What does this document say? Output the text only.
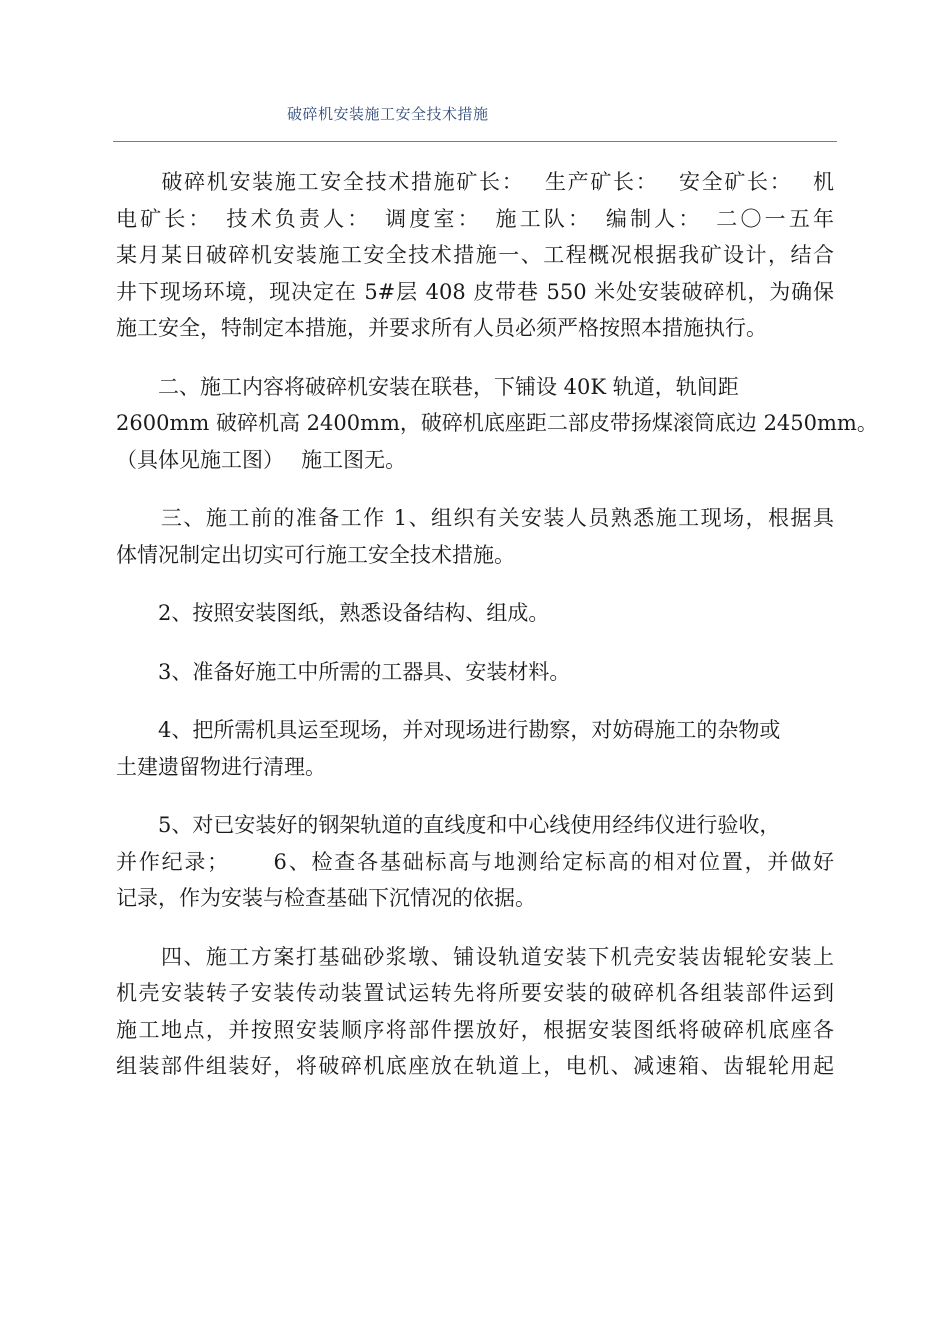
破碎机安装施工安全技术措施
　　破碎机安装施工安全技术措施矿长：　 生产矿长：　 安全矿长：　 机
电矿长：　技术负责人：　调度室：　施工队：　编制人：　二〇一五年
某月某日破碎机安装施工安全技术措施一、工程概况根据我矿设计，结合
井下现场环境，现决定在 5#层 408 皮带巷 550 米处安装破碎机，为确保
施工安全，特制定本措施，并要求所有人员必须严格按照本措施执行。
　　二、施工内容将破碎机安装在联巷，下铺设 40K 轨道，轨间距
2600mm 破碎机高 2400mm，破碎机底座距二部皮带扬煤滚筒底边 2450mm。
（具体见施工图）　 施工图无。
　　三、施工前的准备工作 1、组织有关安装人员熟悉施工现场，根据具
体情况制定出切实可行施工安全技术措施。
　　2、按照安装图纸，熟悉设备结构、组成。
　　3、准备好施工中所需的工器具、安装材料。
　　4、把所需机具运至现场，并对现场进行勘察，对妨碍施工的杂物或
土建遗留物进行清理。
　　5、对已安装好的钢架轨道的直线度和中心线使用经纬仪进行验收，
并作纪录；　　 6、检查各基础标高与地测给定标高的相对位置，并做好
记录，作为安装与检查基础下沉情况的依据。
　　四、施工方案打基础砂浆墩、铺设轨道安装下机壳安装齿辊轮安装上
机壳安装转子安装传动装置试运转先将所要安装的破碎机各组装部件运到
施工地点，并按照安装顺序将部件摆放好，根据安装图纸将破碎机底座各
组装部件组装好，将破碎机底座放在轨道上，电机、减速箱、齿辊轮用起
